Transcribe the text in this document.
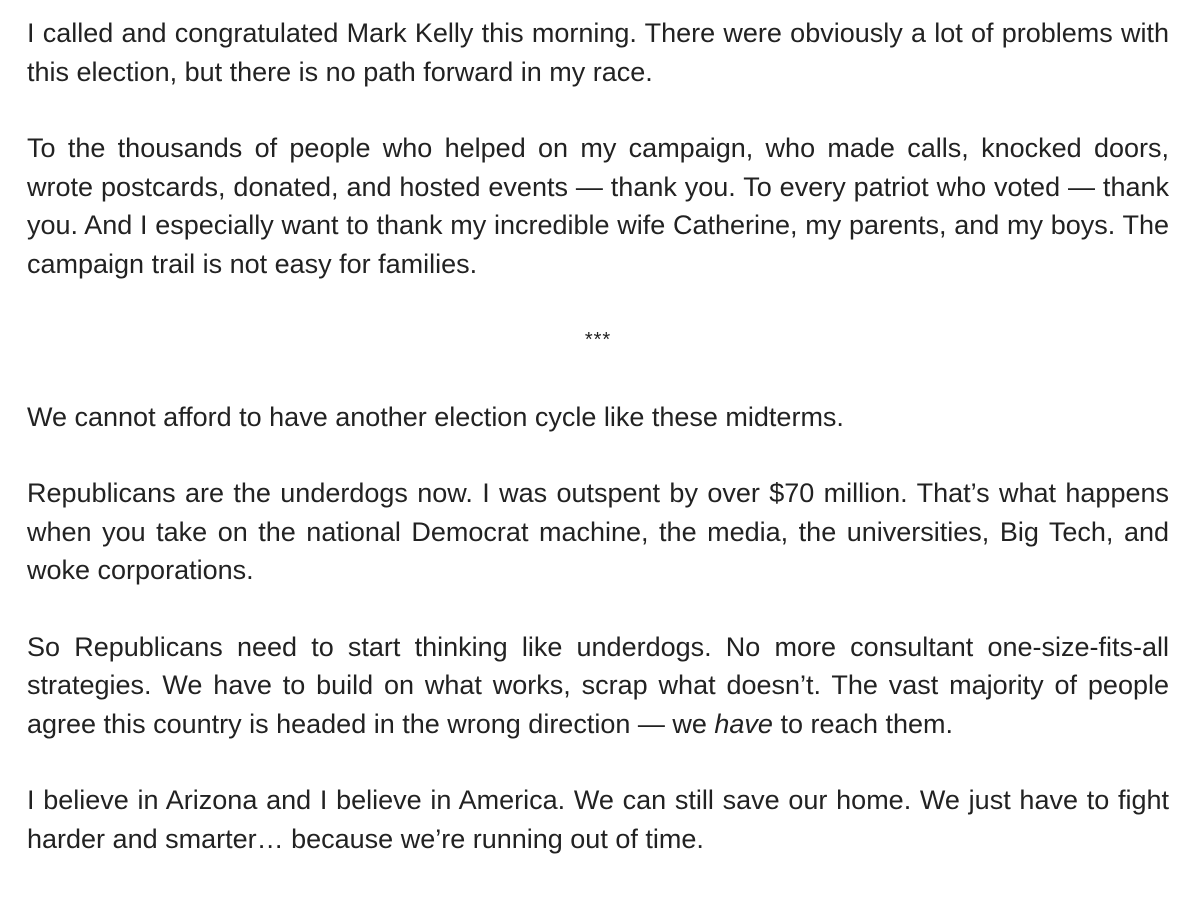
I called and congratulated Mark Kelly this morning. There were obviously a lot of problems with this election, but there is no path forward in my race.

To the thousands of people who helped on my campaign, who made calls, knocked doors, wrote postcards, donated, and hosted events — thank you. To every patriot who voted — thank you. And I especially want to thank my incredible wife Catherine, my parents, and my boys. The campaign trail is not easy for families.

***

We cannot afford to have another election cycle like these midterms.

Republicans are the underdogs now. I was outspent by over $70 million. That’s what happens when you take on the national Democrat machine, the media, the universities, Big Tech, and woke corporations.

So Republicans need to start thinking like underdogs. No more consultant one-size-fits-all strategies. We have to build on what works, scrap what doesn’t. The vast majority of people agree this country is headed in the wrong direction — we have to reach them.

I believe in Arizona and I believe in America. We can still save our home. We just have to fight harder and smarter… because we’re running out of time.
